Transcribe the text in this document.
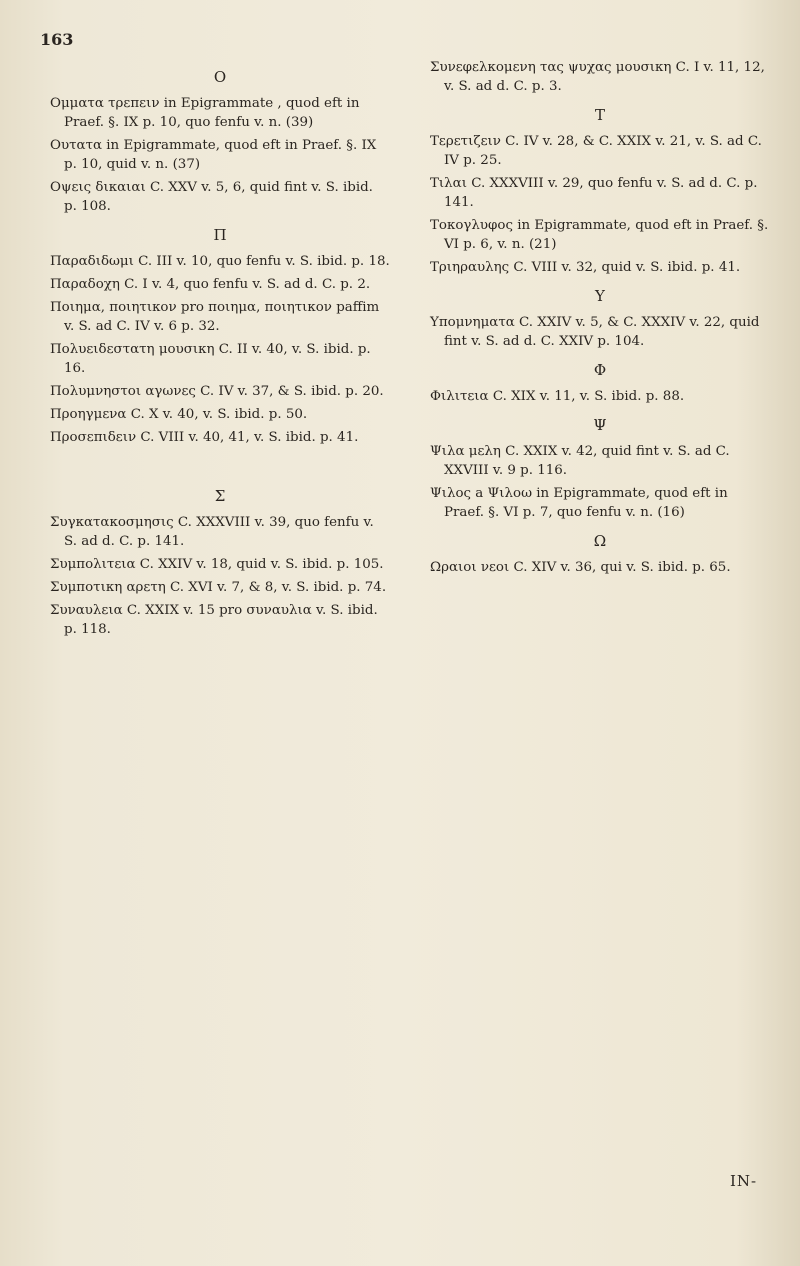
163
Ο

Ομματα τρεπειν in Epigrammate , quod eft in Praef. §. IX p. 10, quo fenfu v. n. (39)

Ουτατα in Epigrammate, quod eft in Praef. §. IX p. 10, quid v. n. (37)

Οψεις δικαιαι C. XXV v. 5, 6, quid fint v. S. ibid. p. 108.

Π

Παραδιδωμι C. III v. 10, quo fenfu v. S. ibid. p. 18.

Παραδοχη C. I v. 4, quo fenfu v. S. ad d. C. p. 2.

Ποιημα, ποιητικον pro ποιημα, ποιητικον paffim v. S. ad C. IV v. 6 p. 32.

Πολυειδεστατη μουσικη C. II v. 40, v. S. ibid. p. 16.

Πολυμνηστοι αγωνες C. IV v. 37, & S. ibid. p. 20.

Προηγμενα C. X v. 40, v. S. ibid. p. 50.

Προσεπιδειν C. VIII v. 40, 41, v. S. ibid. p. 41.

Σ

Συγκατακοσμησις C. XXXVIII v. 39, quo fenfu v. S. ad d. C. p. 141.

Συμπολιτεια C. XXIV v. 18, quid v. S. ibid. p. 105.

Συμποτικη αρετη C. XVI v. 7, & 8, v. S. ibid. p. 74.

Συναυλεια C. XXIX v. 15 pro συναυλια v. S. ibid. p. 118.

Συνεφελκομενη τας ψυχας μουσικη C. I v. 11, 12, v. S. ad d. C. p. 3.

Τ

Τερετιζειν C. IV v. 28, & C. XXIX v. 21, v. S. ad C. IV p. 25.

Τιλαι C. XXXVIII v. 29, quo fenfu v. S. ad d. C. p. 141.

Τοκογλυφος in Epigrammate, quod eft in Praef. §. VI p. 6, v. n. (21)

Τριηραυλης C. VIII v. 32, quid v. S. ibid. p. 41.

Υ

Υπομνηματα C. XXIV v. 5, & C. XXXIV v. 22, quid fint v. S. ad d. C. XXIV p. 104.

Φ

Φιλιτεια C. XIX v. 11, v. S. ibid. p. 88.

Ψ

Ψιλα μελη C. XXIX v. 42, quid fint v. S. ad C. XXVIII v. 9 p. 116.

Ψιλος a Ψιλοω in Epigrammate, quod eft in Praef. §. VI p. 7, quo fenfu v. n. (16)

Ω

Ωραιοι νεοι C. XIV v. 36, qui v. S. ibid. p. 65.

IN-
